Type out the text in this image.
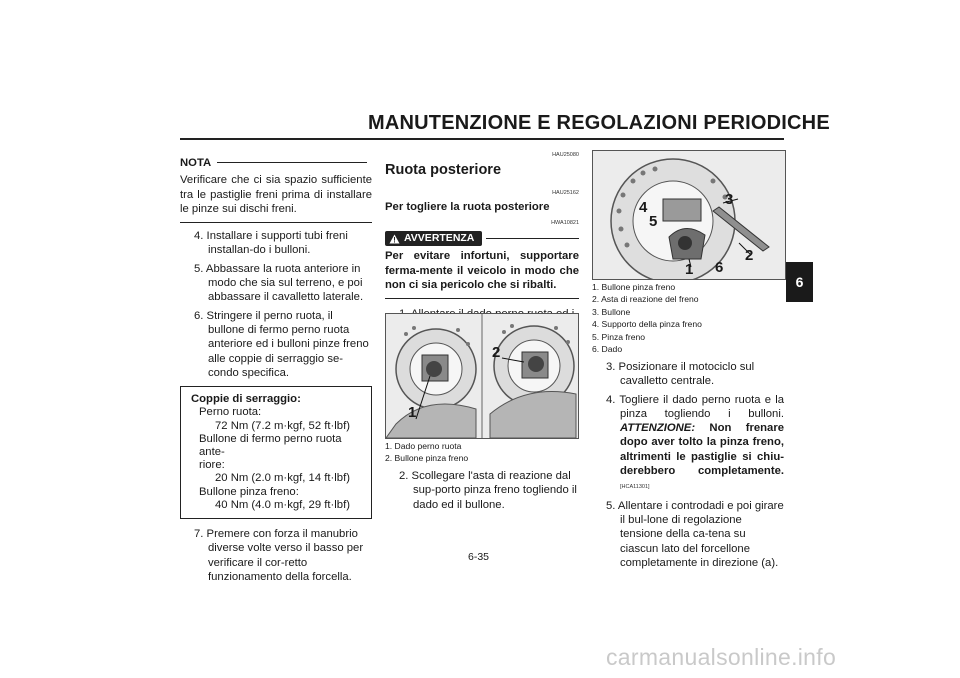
MANUTENZIONE E REGOLAZIONI PERIODICHE
NOTA
Verificare che ci sia spazio sufficiente tra le pastiglie freni prima di installare le pinze sui dischi freni.
4. Installare i supporti tubi freni installan-do i bulloni.
5. Abbassare la ruota anteriore in modo che sia sul terreno, e poi abbassare il cavalletto laterale.
6. Stringere il perno ruota, il bullone di fermo perno ruota anteriore ed i bulloni pinze freno alle coppie di serraggio se-condo specifica.
Coppie di serraggio:
Perno ruota:
72 Nm (7.2 m·kgf, 52 ft·lbf)
Bullone di fermo perno ruota ante-
riore:
20 Nm (2.0 m·kgf, 14 ft·lbf)
Bullone pinza freno:
40 Nm (4.0 m·kgf, 29 ft·lbf)
7. Premere con forza il manubrio diverse volte verso il basso per verificare il cor-retto funzionamento della forcella.
HAU25080
Ruota posteriore
HAU25162
Per togliere la ruota posteriore
HWA10821
AVVERTENZA
Per evitare infortuni, supportare ferma-mente il veicolo in modo che non ci sia pericolo che si ribalti.
1
2
1. Dado perno ruota
2. Bullone pinza freno
2. Scollegare l'asta di reazione dal sup-porto pinza freno togliendo il dado ed il bullone.
1
2
3
4
5
6
1. Bullone pinza freno
2. Asta di reazione del freno
3. Bullone
4. Supporto della pinza freno
5. Pinza freno
6. Dado
3. Posizionare il motociclo sul cavalletto centrale.
4. Togliere il dado perno ruota e la pinza togliendo i bulloni. ATTENZIONE: Non frenare dopo aver tolto la pinza freno, altrimenti le pastiglie si chiu-derebbero completamente. [HCA11301]
5. Allentare i controdadi e poi girare il bul-lone di regolazione tensione della ca-tena su ciascun lato del forcellone completamente in direzione (a).
6
6-35
carmanualsonline.info
